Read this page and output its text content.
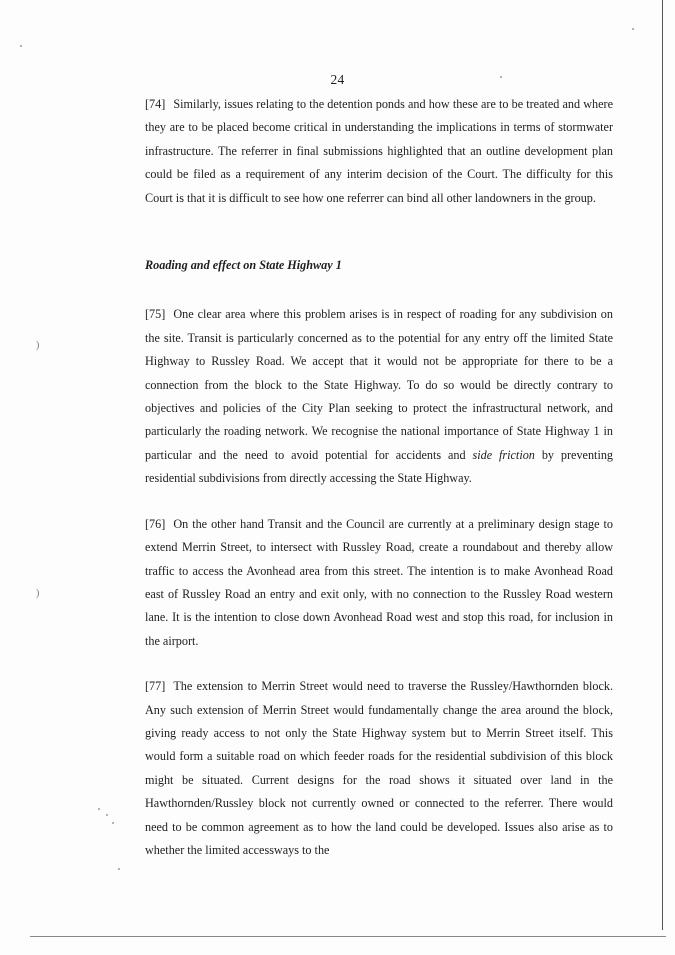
)
)
24

[74] Similarly, issues relating to the detention ponds and how these are to be treated and where they are to be placed become critical in understanding the implications in terms of stormwater infrastructure. The referrer in final submissions highlighted that an outline development plan could be filed as a requirement of any interim decision of the Court. The difficulty for this Court is that it is difficult to see how one referrer can bind all other landowners in the group.

Roading and effect on State Highway 1

[75] One clear area where this problem arises is in respect of roading for any subdivision on the site. Transit is particularly concerned as to the potential for any entry off the limited State Highway to Russley Road. We accept that it would not be appropriate for there to be a connection from the block to the State Highway. To do so would be directly contrary to objectives and policies of the City Plan seeking to protect the infrastructural network, and particularly the roading network. We recognise the national importance of State Highway 1 in particular and the need to avoid potential for accidents and side friction by preventing residential subdivisions from directly accessing the State Highway.

[76] On the other hand Transit and the Council are currently at a preliminary design stage to extend Merrin Street, to intersect with Russley Road, create a roundabout and thereby allow traffic to access the Avonhead area from this street. The intention is to make Avonhead Road east of Russley Road an entry and exit only, with no connection to the Russley Road western lane. It is the intention to close down Avonhead Road west and stop this road, for inclusion in the airport.

[77] The extension to Merrin Street would need to traverse the Russley/Hawthornden block. Any such extension of Merrin Street would fundamentally change the area around the block, giving ready access to not only the State Highway system but to Merrin Street itself. This would form a suitable road on which feeder roads for the residential subdivision of this block might be situated. Current designs for the road shows it situated over land in the Hawthornden/Russley block not currently owned or connected to the referrer. There would need to be common agreement as to how the land could be developed. Issues also arise as to whether the limited accessways to the
